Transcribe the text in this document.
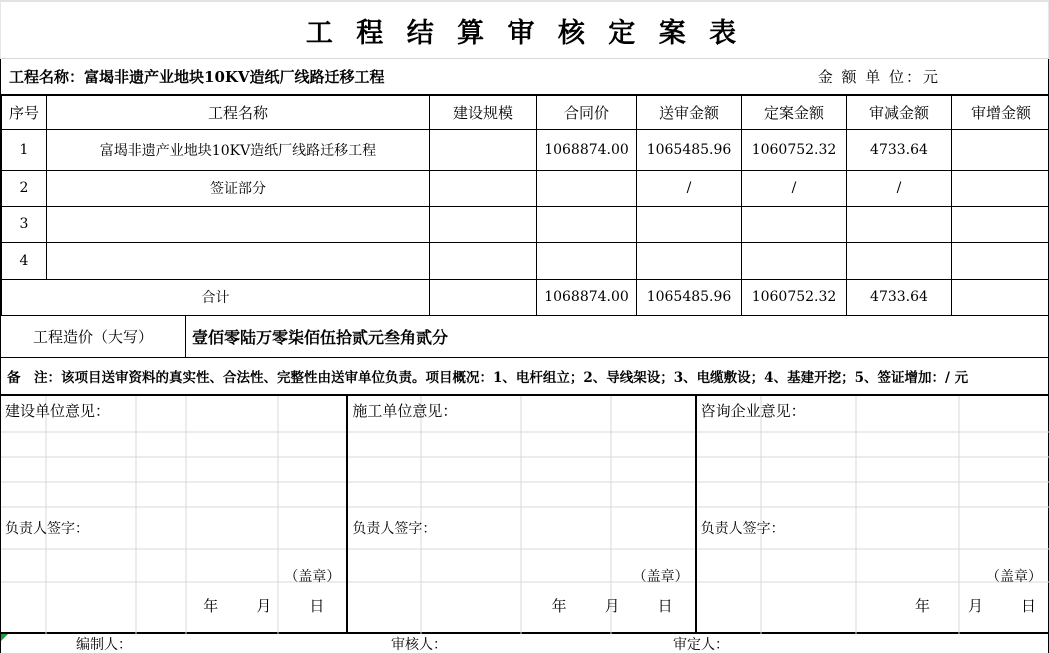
工 程 结 算 审 核 定 案 表
工程名称：富堨非遗产业地块10KV造纸厂线路迁移工程	金 额 单 位：元
序号	工程名称	建设规模	合同价	送审金额	定案金额	审减金额	审增金额
1	富堨非遗产业地块10KV造纸厂线路迁移工程		1068874.00	1065485.96	1060752.32	4733.64	
2	签证部分			/	/	/	
3							
4							
合计			1068874.00	1065485.96	1060752.32	4733.64	
工程造价（大写）	壹佰零陆万零柒佰伍拾贰元叁角贰分
备　注：该项目送审资料的真实性、合法性、完整性由送审单位负责。项目概况：1、电杆组立；2、导线架设；3、电缆敷设；4、基建开挖；5、签证增加：/ 元
建设单位意见：
负责人签字：
（盖章）
年	月	日
施工单位意见：
负责人签字：
（盖章）
年	月	日
咨询企业意见：
负责人签字：
（盖章）
年	月	日
编制人：	审核人：	审定人：
